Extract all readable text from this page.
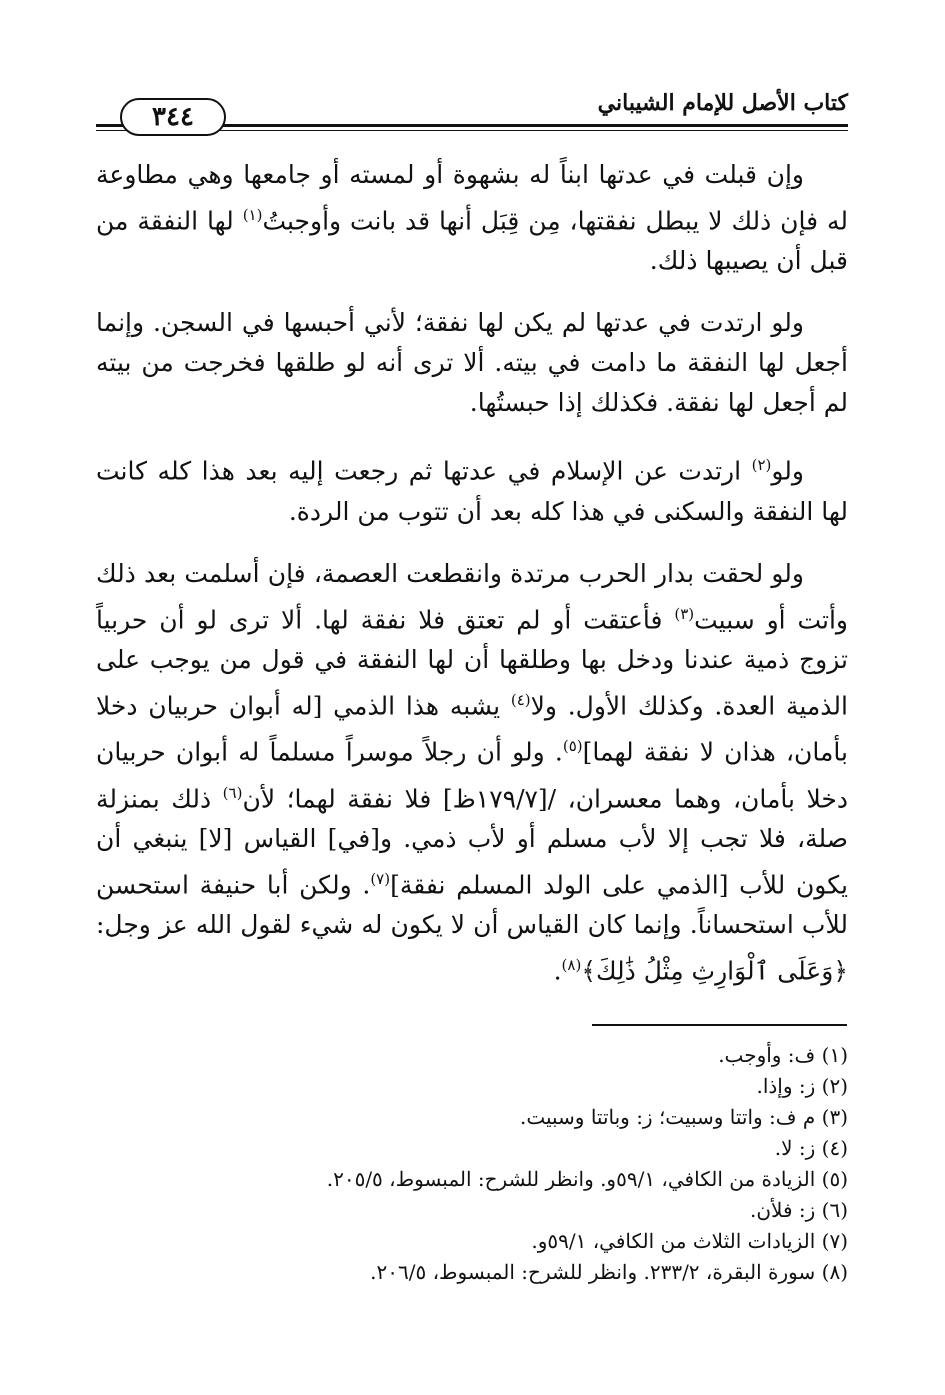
كتاب الأصل للإمام الشيباني
٣٤٤

وإن قبلت في عدتها ابناً له بشهوة أو لمسته أو جامعها وهي مطاوعة له فإن ذلك لا يبطل نفقتها، مِن قِبَل أنها قد بانت وأوجبتُ$^{(١)}$ لها النفقة من قبل أن يصيبها ذلك.

ولو ارتدت في عدتها لم يكن لها نفقة؛ لأني أحبسها في السجن. وإنما أجعل لها النفقة ما دامت في بيته. ألا ترى أنه لو طلقها فخرجت من بيته لم أجعل لها نفقة. فكذلك إذا حبستُها.

ولو$^{(٢)}$ ارتدت عن الإسلام في عدتها ثم رجعت إليه بعد هذا كله كانت لها النفقة والسكنى في هذا كله بعد أن تتوب من الردة.

ولو لحقت بدار الحرب مرتدة وانقطعت العصمة، فإن أسلمت بعد ذلك وأتت أو سبيت$^{(٣)}$ فأعتقت أو لم تعتق فلا نفقة لها. ألا ترى لو أن حربياً تزوج ذمية عندنا ودخل بها وطلقها أن لها النفقة في قول من يوجب على الذمية العدة. وكذلك الأول. ولا$^{(٤)}$ يشبه هذا الذمي [له أبوان حربيان دخلا بأمان، هذان لا نفقة لهما]$^{(٥)}$. ولو أن رجلاً موسراً مسلماً له أبوان حربيان دخلا بأمان، وهما معسران، /[١٧٩/٧ظ] فلا نفقة لهما؛ لأن$^{(٦)}$ ذلك بمنزلة صلة، فلا تجب إلا لأب مسلم أو لأب ذمي. و[في] القياس [لا] ينبغي أن يكون للأب [الذمي على الولد المسلم نفقة]$^{(٧)}$. ولكن أبا حنيفة استحسن للأب استحساناً. وإنما كان القياس أن لا يكون له شيء لقول الله عز وجل: ﴿وَعَلَى ٱلْوَارِثِ مِثْلُ ذَٰلِكَ﴾$^{(٨)}$.

(١) ف: وأوجب.
(٢) ز: وإذا.
(٣) م ف: واتتا وسبيت؛ ز: وباتتا وسبيت.
(٤) ز: لا.
(٥) الزيادة من الكافي، ٥٩/١و. وانظر للشرح: المبسوط، ٢٠٥/٥.
(٦) ز: فلأن.
(٧) الزيادات الثلاث من الكافي، ٥٩/١و.
(٨) سورة البقرة، ٢٣٣/٢. وانظر للشرح: المبسوط، ٢٠٦/٥.
